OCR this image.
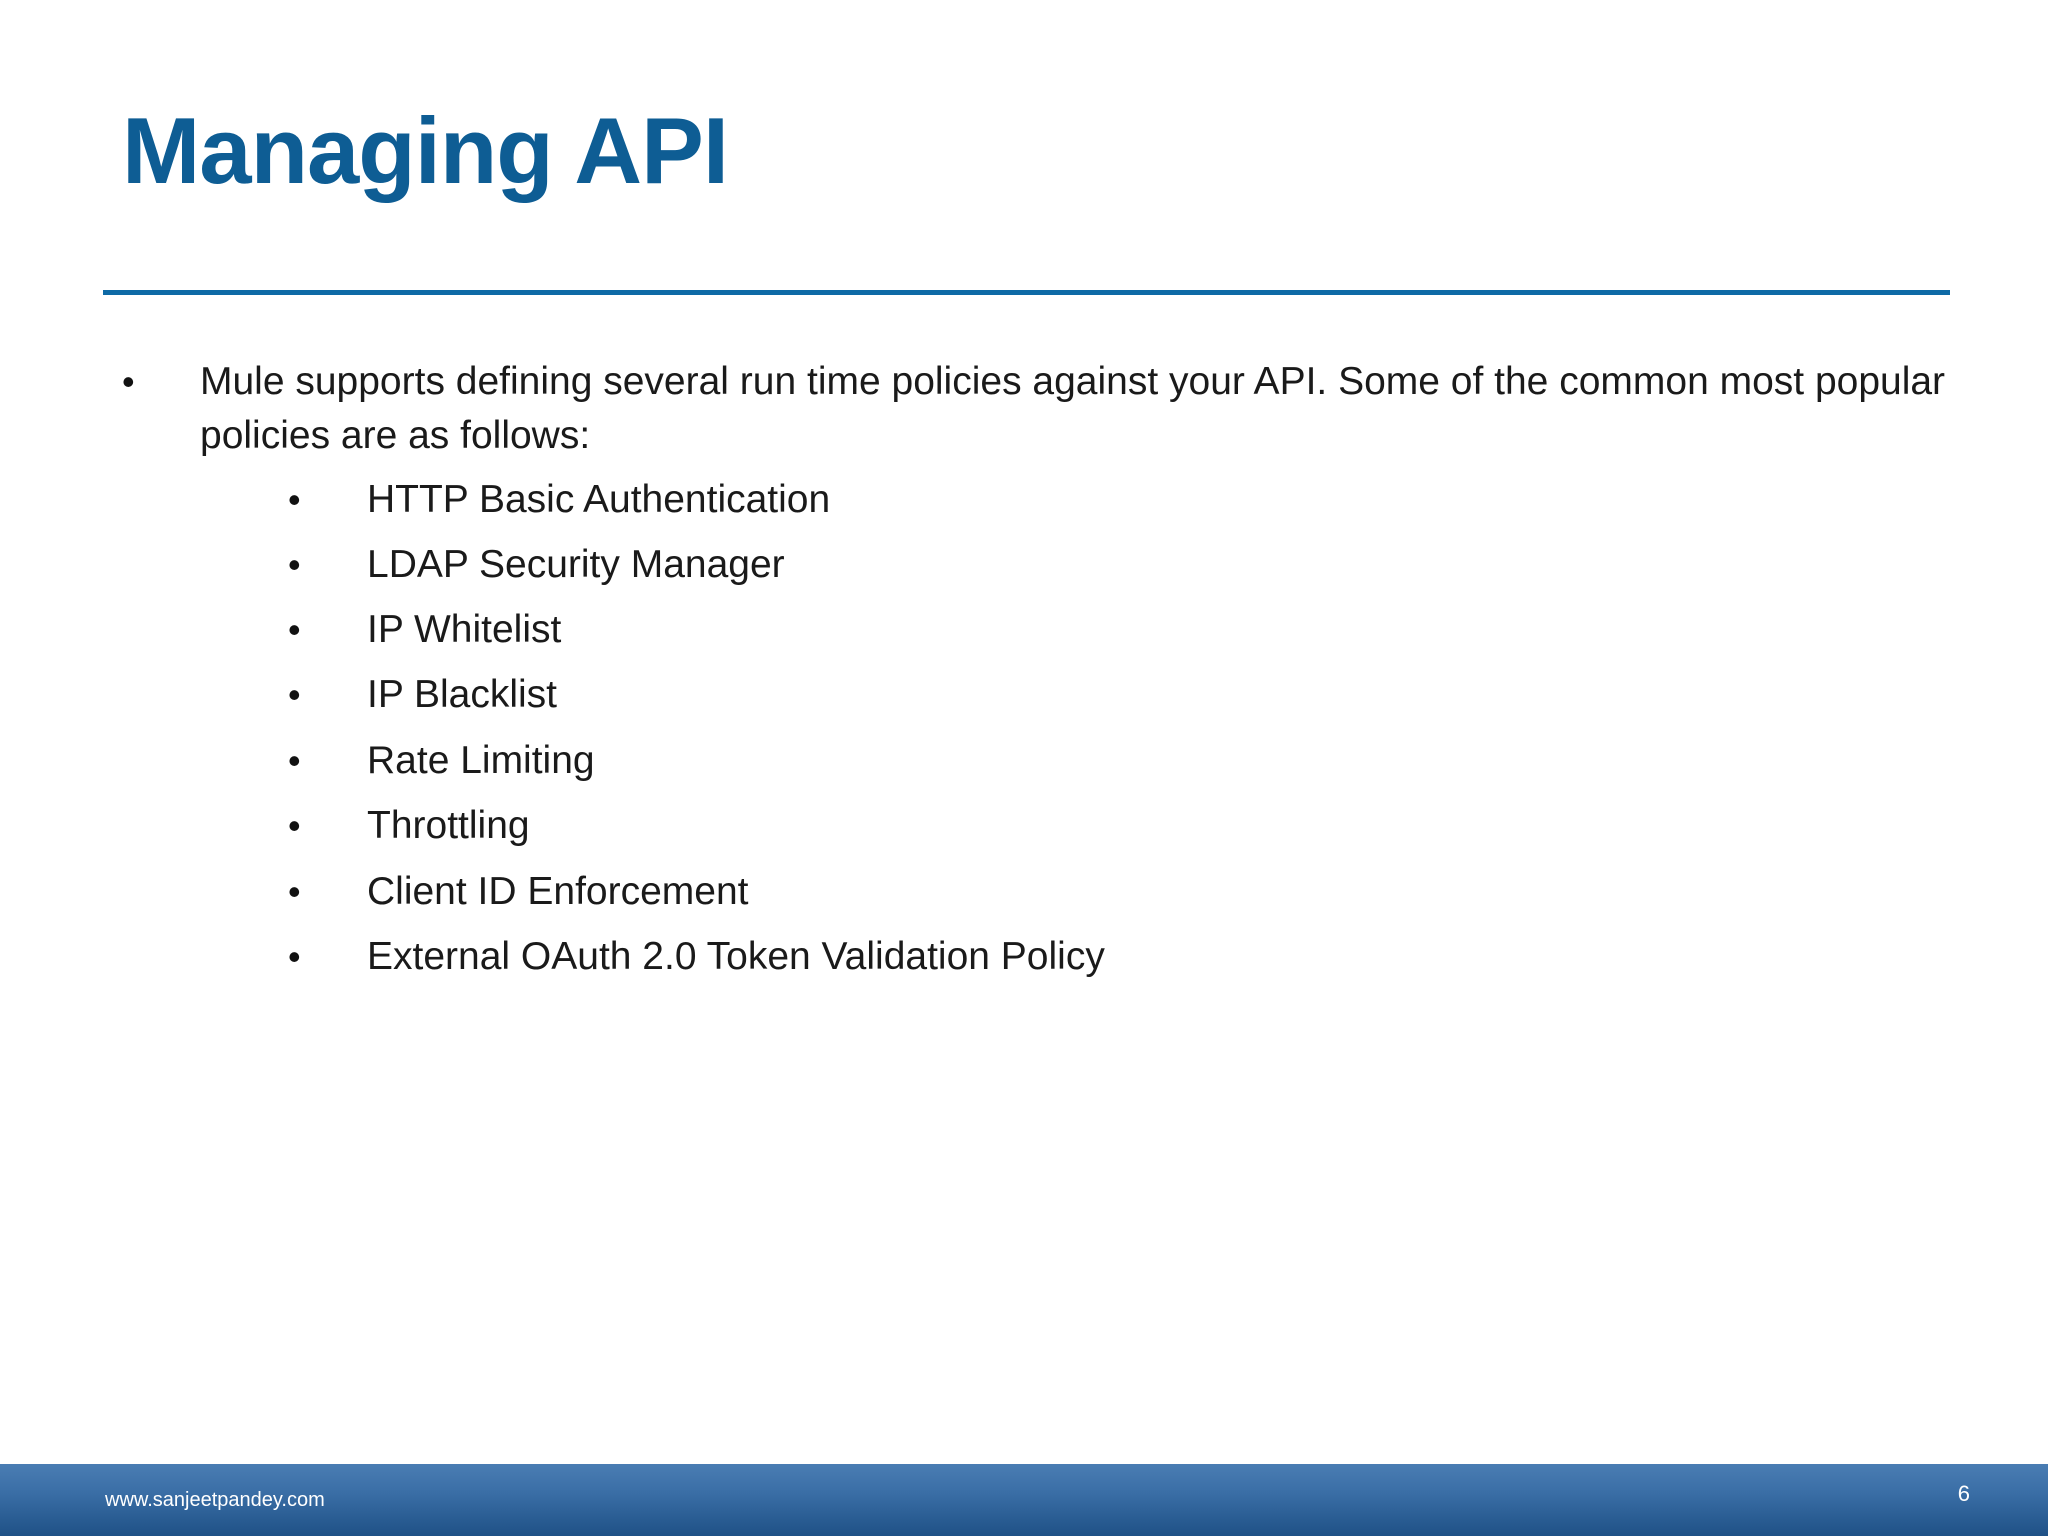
Managing API
• Mule supports defining several run time policies against your API. Some of the common most popular policies are as follows:
• HTTP Basic Authentication
• LDAP Security Manager
• IP Whitelist
• IP Blacklist
• Rate Limiting
• Throttling
• Client ID Enforcement
• External OAuth 2.0 Token Validation Policy
www.sanjeetpandey.com	6
